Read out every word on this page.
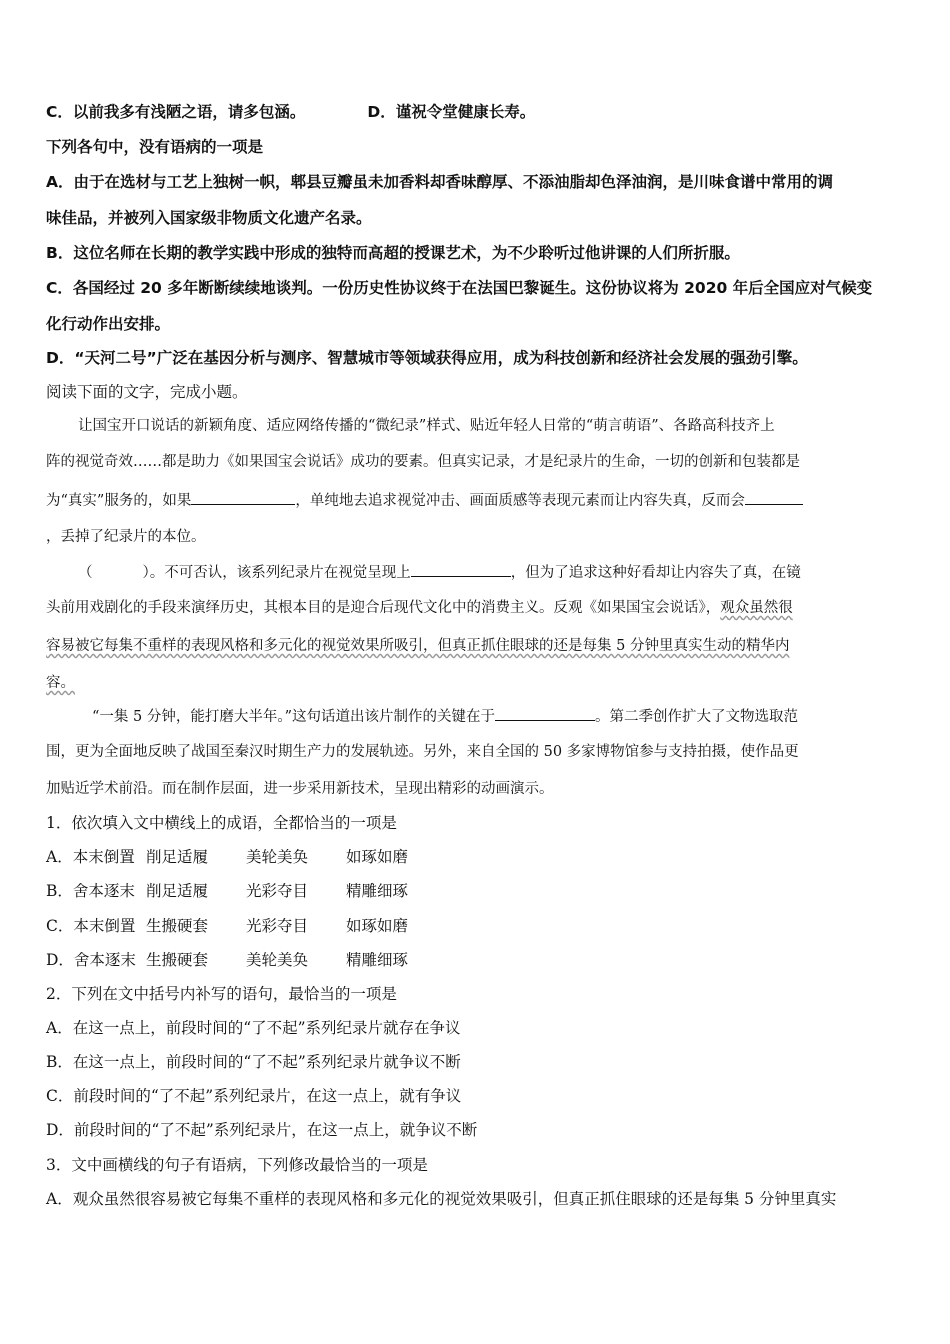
C．以前我多有浅陋之语，请多包涵。	D．谨祝令堂健康长寿。
下列各句中，没有语病的一项是
A．由于在选材与工艺上独树一帜，郫县豆瓣虽未加香料却香味醇厚、不添油脂却色泽油润，是川味食谱中常用的调
味佳品，并被列入国家级非物质文化遗产名录。
B．这位名师在长期的教学实践中形成的独特而高超的授课艺术，为不少聆听过他讲课的人们所折服。
C．各国经过 20 多年断断续续地谈判。一份历史性协议终于在法国巴黎诞生。这份协议将为 2020 年后全国应对气候变
化行动作出安排。
D．“天河二号”广泛在基因分析与测序、智慧城市等领域获得应用，成为科技创新和经济社会发展的强劲引擎。
阅读下面的文字，完成小题。
让国宝开口说话的新颖角度、适应网络传播的“微纪录”样式、贴近年轻人日常的“萌言萌语”、各路高科技齐上
阵的视觉奇效……都是助力《如果国宝会说话》成功的要素。但真实记录，才是纪录片的生命，一切的创新和包装都是
为“真实”服务的，如果	，单纯地去追求视觉冲击、画面质感等表现元素而让内容失真，反而会
，丢掉了纪录片的本位。
（	）。不可否认，该系列纪录片在视觉呈现上	，但为了追求这种好看却让内容失了真，在镜
头前用戏剧化的手段来演绎历史，其根本目的是迎合后现代文化中的消费主义。反观《如果国宝会说话》，观众虽然很
容易被它每集不重样的表现风格和多元化的视觉效果所吸引，但真正抓住眼球的还是每集 5 分钟里真实生动的精华内
容。
“一集 5 分钟，能打磨大半年。”这句话道出该片制作的关键在于	。第二季创作扩大了文物选取范
围，更为全面地反映了战国至秦汉时期生产力的发展轨迹。另外，来自全国的 50 多家博物馆参与支持拍摄，使作品更
加贴近学术前沿。而在制作层面，进一步采用新技术，呈现出精彩的动画演示。
1．依次填入文中横线上的成语，全都恰当的一项是
A．本末倒置 削足适履 美轮美奂 如琢如磨
B．舍本逐末 削足适履 光彩夺目 精雕细琢
C．本末倒置 生搬硬套 光彩夺目 如琢如磨
D．舍本逐末 生搬硬套 美轮美奂 精雕细琢
2．下列在文中括号内补写的语句，最恰当的一项是
A．在这一点上，前段时间的“了不起”系列纪录片就存在争议
B．在这一点上，前段时间的“了不起”系列纪录片就争议不断
C．前段时间的“了不起”系列纪录片，在这一点上，就有争议
D．前段时间的“了不起”系列纪录片，在这一点上，就争议不断
3．文中画横线的句子有语病，下列修改最恰当的一项是
A．观众虽然很容易被它每集不重样的表现风格和多元化的视觉效果吸引，但真正抓住眼球的还是每集 5 分钟里真实
